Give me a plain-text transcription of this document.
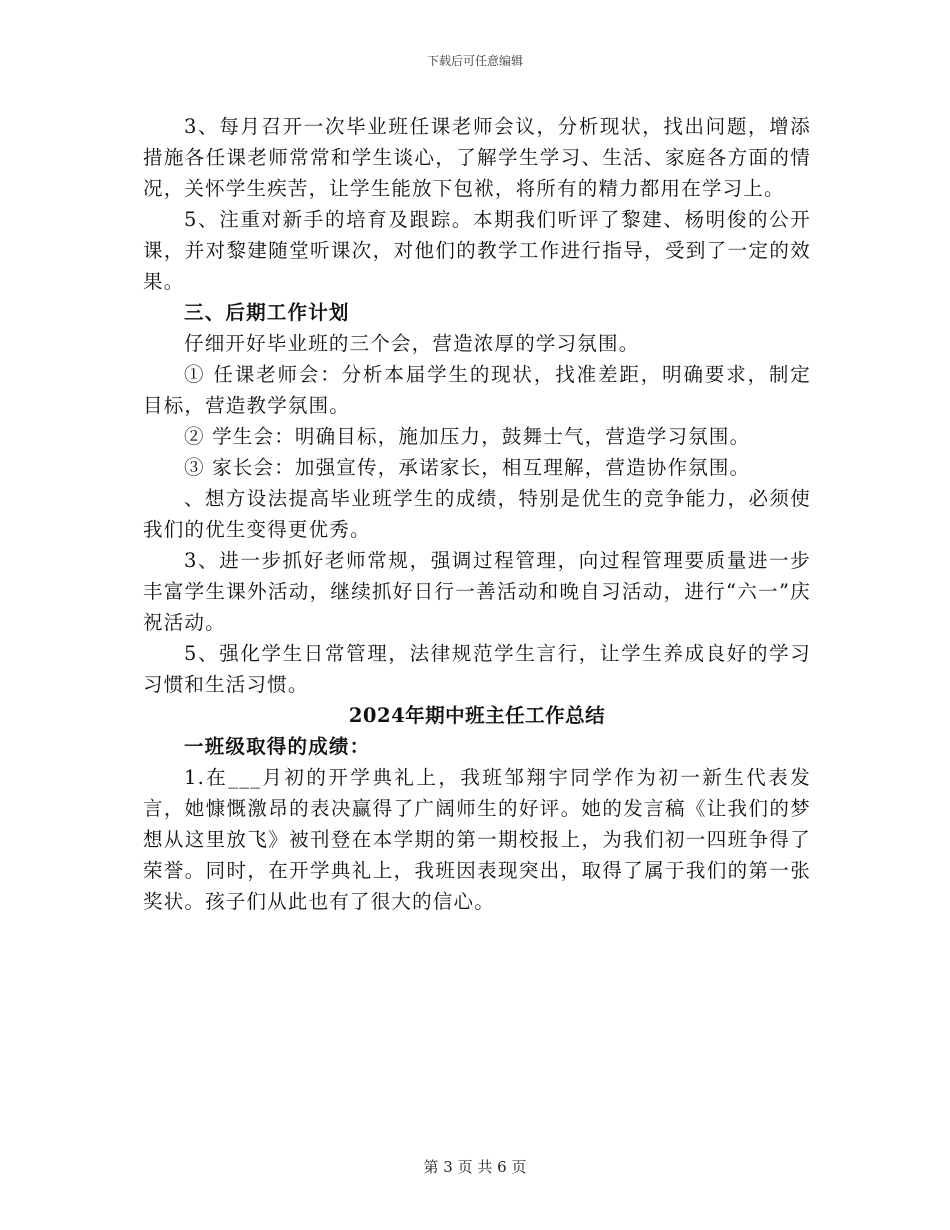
下载后可任意编辑

3、每月召开一次毕业班任课老师会议，分析现状，找出问题，增添措施各任课老师常常和学生谈心，了解学生学习、生活、家庭各方面的情况，关怀学生疾苦，让学生能放下包袱，将所有的精力都用在学习上。

5、注重对新手的培育及跟踪。本期我们听评了黎建、杨明俊的公开课，并对黎建随堂听课次，对他们的教学工作进行指导，受到了一定的效果。

三、后期工作计划

仔细开好毕业班的三个会，营造浓厚的学习氛围。

① 任课老师会：分析本届学生的现状，找准差距，明确要求，制定目标，营造教学氛围。

② 学生会：明确目标，施加压力，鼓舞士气，营造学习氛围。

③ 家长会：加强宣传，承诺家长，相互理解，营造协作氛围。

、想方设法提高毕业班学生的成绩，特别是优生的竞争能力，必须使我们的优生变得更优秀。

3、进一步抓好老师常规，强调过程管理，向过程管理要质量进一步丰富学生课外活动，继续抓好日行一善活动和晚自习活动，进行“六一”庆祝活动。

5、强化学生日常管理，法律规范学生言行，让学生养成良好的学习习惯和生活习惯。

2024年期中班主任工作总结

一班级取得的成绩：

1.在___月初的开学典礼上，我班邹翔宇同学作为初一新生代表发言，她慷慨激昂的表决赢得了广阔师生的好评。她的发言稿《让我们的梦想从这里放飞》被刊登在本学期的第一期校报上，为我们初一四班争得了荣誉。同时，在开学典礼上，我班因表现突出，取得了属于我们的第一张奖状。孩子们从此也有了很大的信心。

第 3 页 共 6 页
